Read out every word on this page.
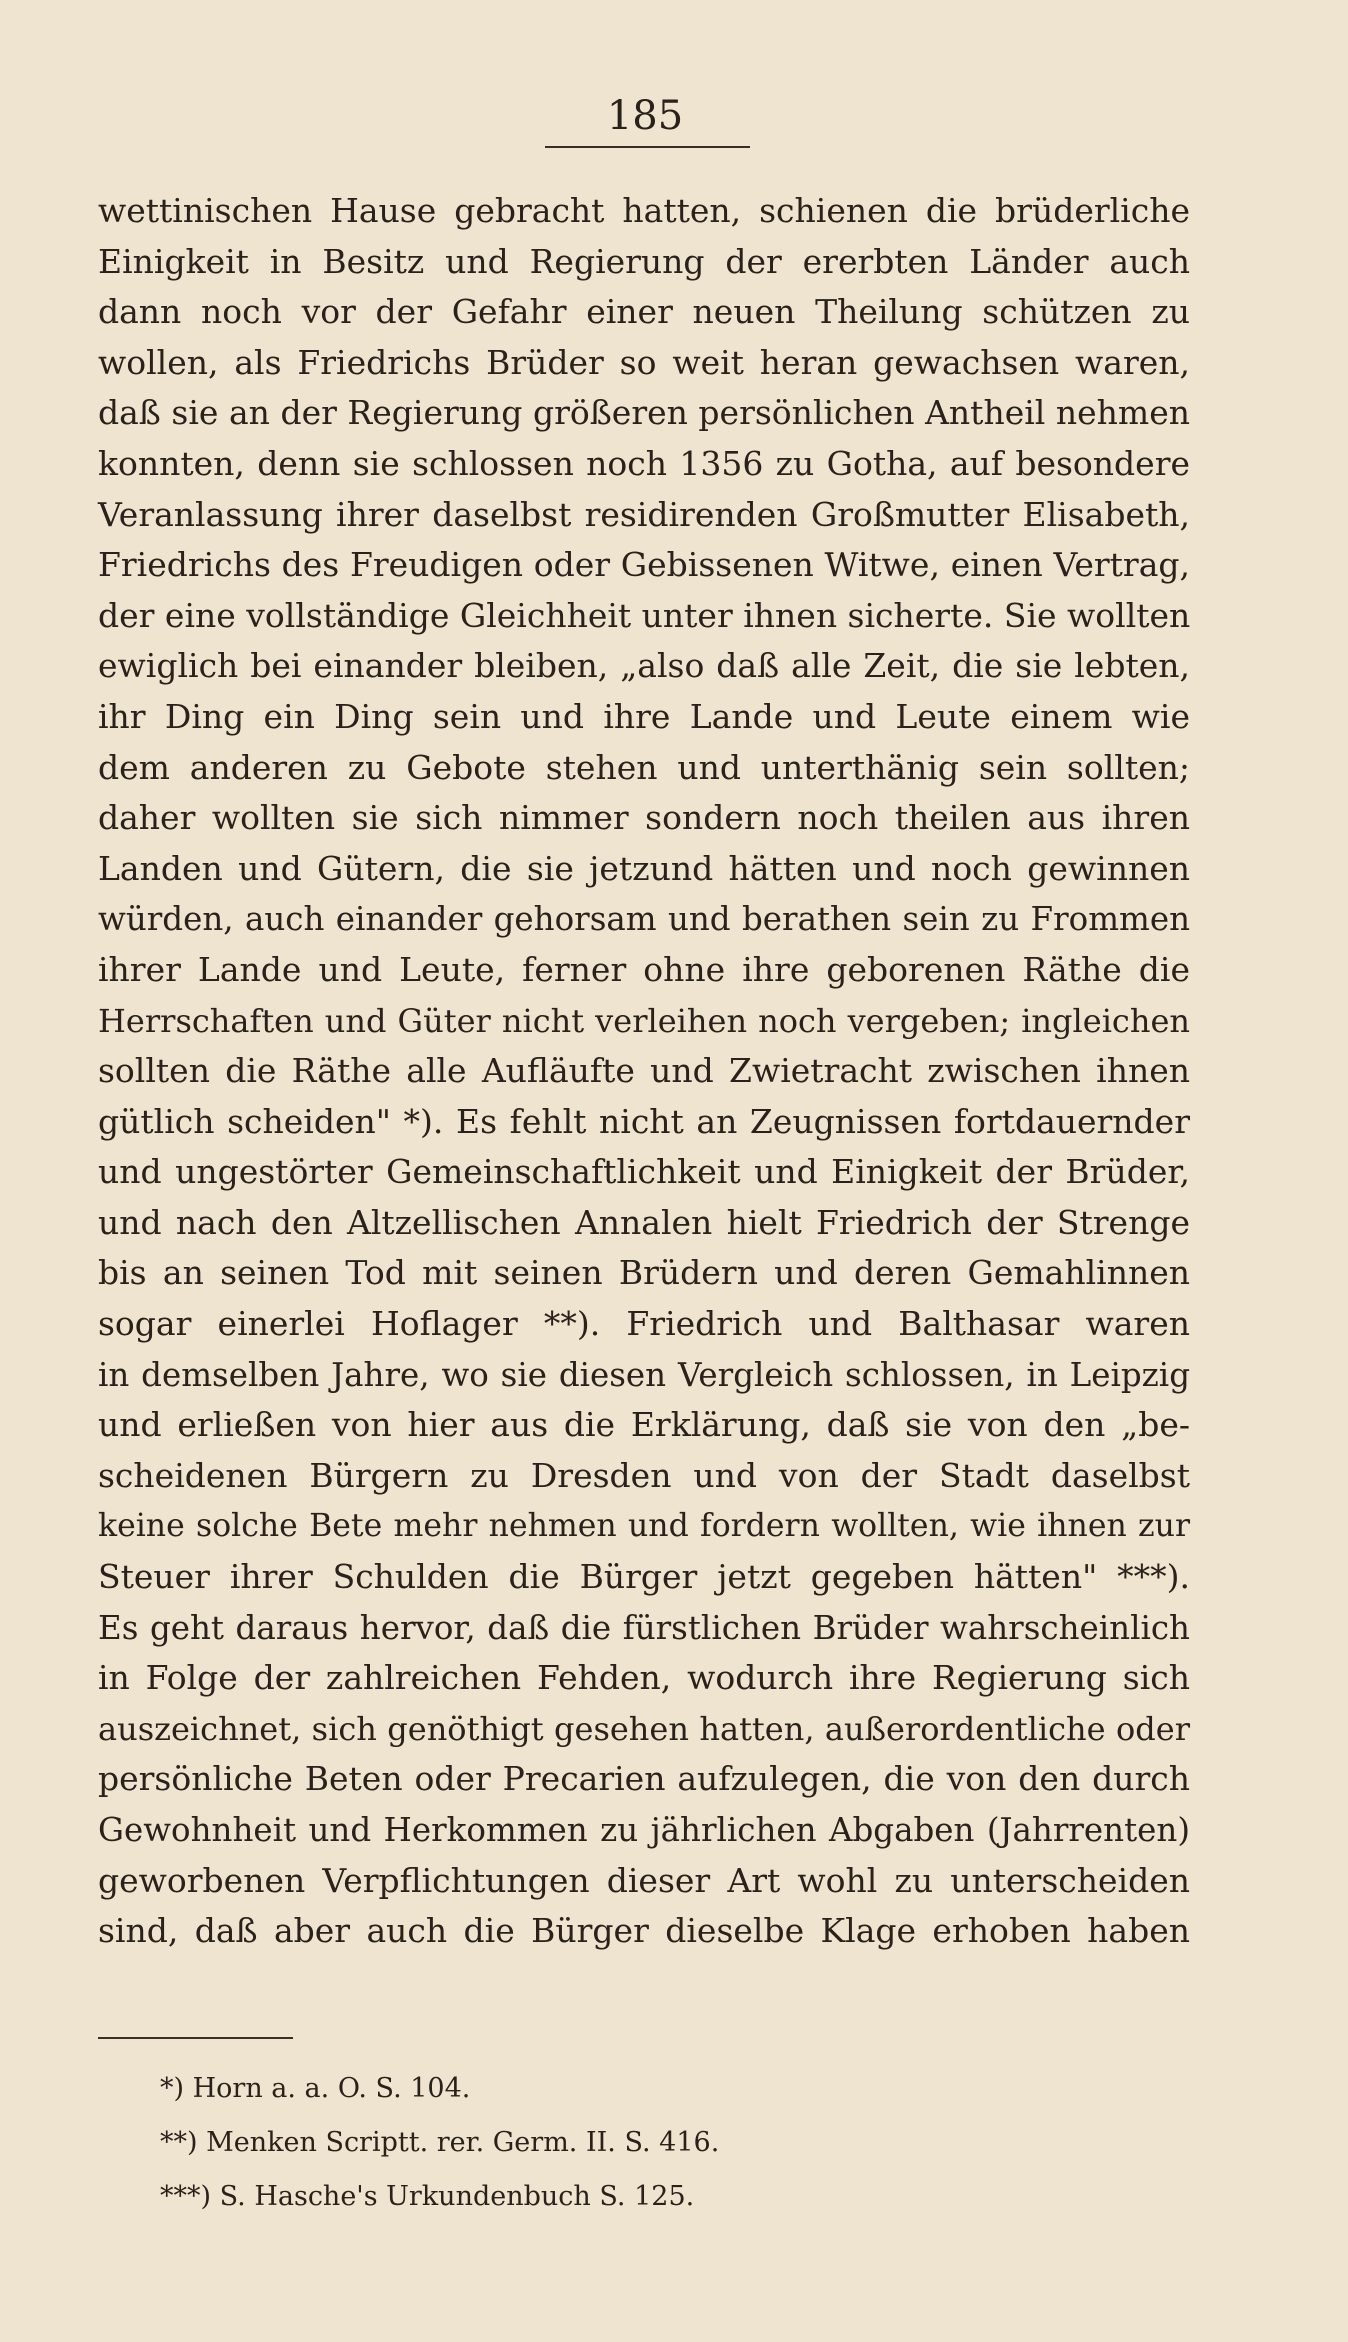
185
wettinischen Hause gebracht hatten, schienen die brüderliche
Einigkeit in Besitz und Regierung der ererbten Länder auch
dann noch vor der Gefahr einer neuen Theilung schützen zu
wollen, als Friedrichs Brüder so weit heran gewachsen waren,
daß sie an der Regierung größeren persönlichen Antheil nehmen
konnten, denn sie schlossen noch 1356 zu Gotha, auf besondere
Veranlassung ihrer daselbst residirenden Großmutter Elisabeth,
Friedrichs des Freudigen oder Gebissenen Witwe, einen Vertrag,
der eine vollständige Gleichheit unter ihnen sicherte. Sie wollten
ewiglich bei einander bleiben, „also daß alle Zeit, die sie lebten,
ihr Ding ein Ding sein und ihre Lande und Leute einem wie
dem anderen zu Gebote stehen und unterthänig sein sollten;
daher wollten sie sich nimmer sondern noch theilen aus ihren
Landen und Gütern, die sie jetzund hätten und noch gewinnen
würden, auch einander gehorsam und berathen sein zu Frommen
ihrer Lande und Leute, ferner ohne ihre geborenen Räthe die
Herrschaften und Güter nicht verleihen noch vergeben; ingleichen
sollten die Räthe alle Aufläufte und Zwietracht zwischen ihnen
gütlich scheiden" *). Es fehlt nicht an Zeugnissen fortdauernder
und ungestörter Gemeinschaftlichkeit und Einigkeit der Brüder,
und nach den Altzellischen Annalen hielt Friedrich der Strenge
bis an seinen Tod mit seinen Brüdern und deren Gemahlinnen
sogar einerlei Hoflager **). Friedrich und Balthasar waren
in demselben Jahre, wo sie diesen Vergleich schlossen, in Leipzig
und erließen von hier aus die Erklärung, daß sie von den „be-
scheidenen Bürgern zu Dresden und von der Stadt daselbst
keine solche Bete mehr nehmen und fordern wollten, wie ihnen zur
Steuer ihrer Schulden die Bürger jetzt gegeben hätten" ***).
Es geht daraus hervor, daß die fürstlichen Brüder wahrscheinlich
in Folge der zahlreichen Fehden, wodurch ihre Regierung sich
auszeichnet, sich genöthigt gesehen hatten, außerordentliche oder
persönliche Beten oder Precarien aufzulegen, die von den durch
Gewohnheit und Herkommen zu jährlichen Abgaben (Jahrrenten)
geworbenen Verpflichtungen dieser Art wohl zu unterscheiden
sind, daß aber auch die Bürger dieselbe Klage erhoben haben
*) Horn a. a. O. S. 104.
**) Menken Scriptt. rer. Germ. II. S. 416.
***) S. Hasche's Urkundenbuch S. 125.
